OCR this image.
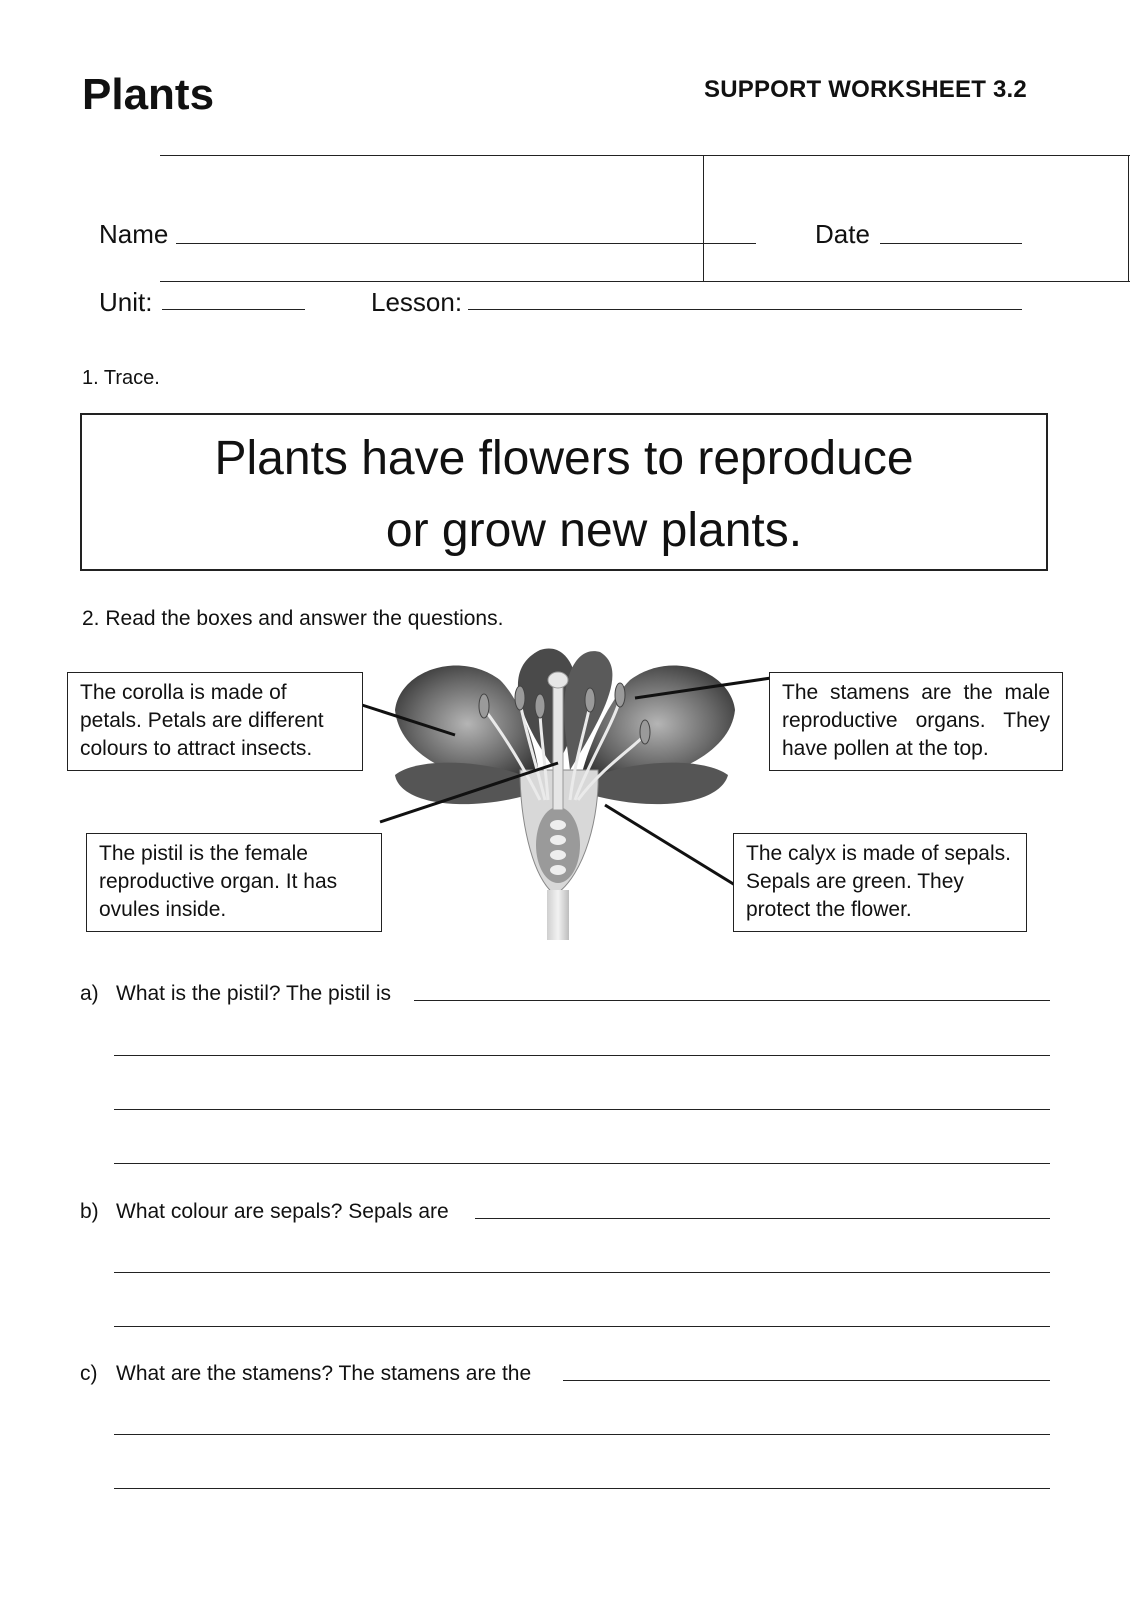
Plants	SUPPORT WORKSHEET 3.2
Name	Date
Unit:	Lesson:
1. Trace.
Plants have flowers to reproduce
or grow new plants.
2. Read the boxes and answer the questions.
The corolla is made of petals. Petals are different colours to attract insects.
The stamens are the male reproductive organs. They have pollen at the top.
The pistil is the female reproductive organ. It has ovules inside.
The calyx is made of sepals. Sepals are green. They protect the flower.
a) What is the pistil? The pistil is
b) What colour are sepals? Sepals are
c) What are the stamens? The stamens are the
